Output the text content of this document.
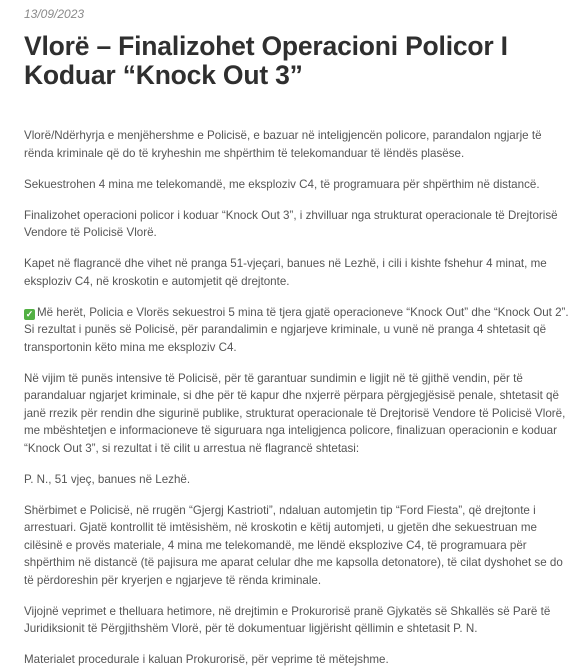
13/09/2023
Vlorë – Finalizohet Operacioni Policor I Koduar “Knock Out 3”

Vlorë/Ndërhyrja e menjëhershme e Policisë, e bazuar në inteligjencën policore, parandalon ngjarje të rënda kriminale që do të kryheshin me shpërthim të telekomanduar të lëndës plasëse.

Sekuestrohen 4 mina me telekomandë, me eksploziv C4, të programuara për shpërthim në distancë.

Finalizohet operacioni policor i koduar “Knock Out 3”, i zhvilluar nga strukturat operacionale të Drejtorisë Vendore të Policisë Vlorë.

Kapet në flagrancë dhe vihet në pranga 51-vjeçari, banues në Lezhë, i cili i kishte fshehur 4 minat, me eksploziv C4, në kroskotin e automjetit që drejtonte.

✓ Më herët, Policia e Vlorës sekuestroi 5 mina të tjera gjatë operacioneve “Knock Out” dhe “Knock Out 2”. Si rezultat i punës së Policisë, për parandalimin e ngjarjeve kriminale, u vunë në pranga 4 shtetasit që transportonin këto mina me eksploziv C4.

Në vijim të punës intensive të Policisë, për të garantuar sundimin e ligjit në të gjithë vendin, për të parandaluar ngjarjet kriminale, si dhe për të kapur dhe nxjerrë përpara përgjegjësisë penale, shtetasit që janë rrezik për rendin dhe sigurinë publike, strukturat operacionale të Drejtorisë Vendore të Policisë Vlorë, me mbështetjen e informacioneve të siguruara nga inteligjenca policore, finalizuan operacionin e koduar “Knock Out 3”, si rezultat i të cilit u arrestua në flagrancë shtetasi:

P. N., 51 vjeç, banues në Lezhë.

Shërbimet e Policisë, në rrugën “Gjergj Kastrioti”, ndaluan automjetin tip “Ford Fiesta”, që drejtonte i arrestuari. Gjatë kontrollit të imtësishëm, në kroskotin e këtij automjeti, u gjetën dhe sekuestruan me cilësinë e provës materiale, 4 mina me telekomandë, me lëndë eksplozive C4, të programuara për shpërthim në distancë (të pajisura me aparat celular dhe me kapsolla detonatore), të cilat dyshohet se do të përdoreshin për kryerjen e ngjarjeve të rënda kriminale.

Vijojnë veprimet e thelluara hetimore, në drejtimin e Prokurorisë pranë Gjykatës së Shkallës së Parë të Juridiksionit të Përgjithshëm Vlorë, për të dokumentuar ligjërisht qëllimin e shtetasit P. N.

Materialet procedurale i kaluan Prokurorisë, për veprime të mëtejshme.
